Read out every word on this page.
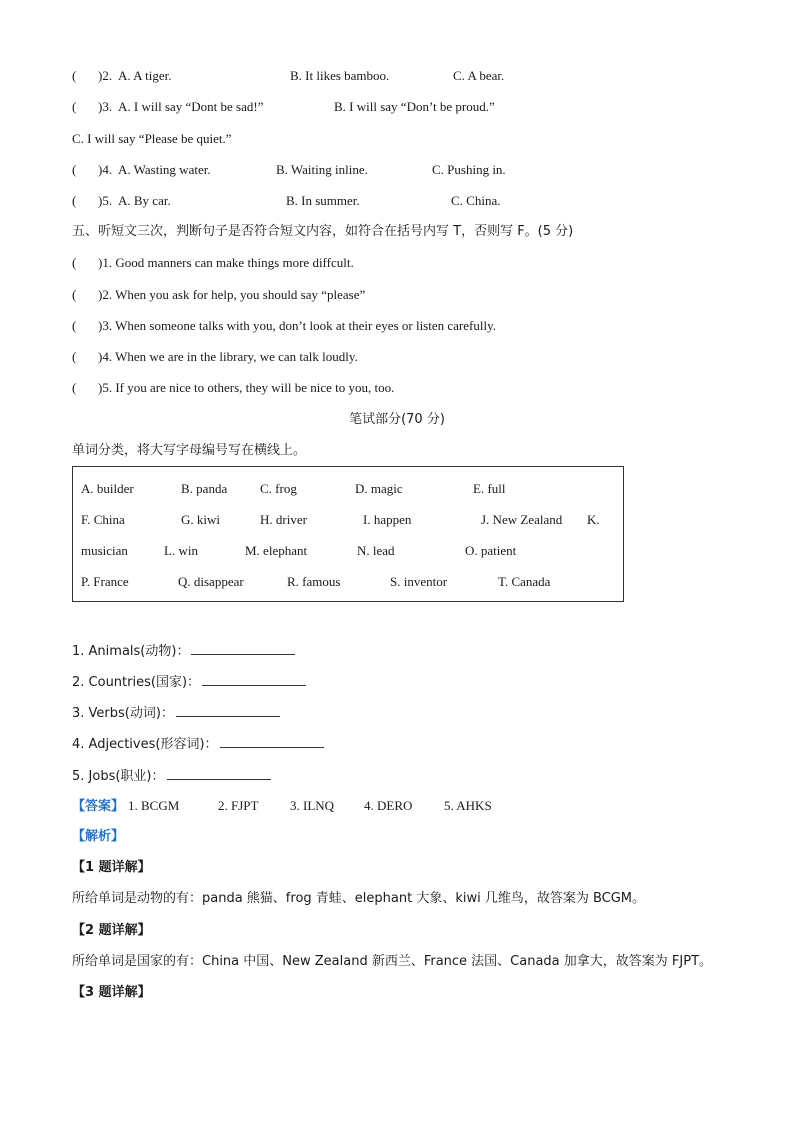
( )2. A. A tiger.	B. It likes bamboo.	C. A bear.
( )3. A. I will say “Dont be sad!”	B. I will say “Don’t be proud.”
C. I will say “Please be quiet.”
( )4. A. Wasting water.	B. Waiting inline.	C. Pushing in.
( )5. A. By car.	B. In summer.	C. China.
五、听短文三次，判断句子是否符合短文内容，如符合在括号内写 T，否则写 F。(5 分)
( )1. Good manners can make things more diffcult.
( )2. When you ask for help, you should say “please”
( )3. When someone talks with you, don’t look at their eyes or listen carefully.
( )4. When we are in the library, we can talk loudly.
( )5. If you are nice to others, they will be nice to you, too.
笔试部分(70 分)
单词分类，将大写字母编号写在横线上。
A. builder	B. panda	C. frog	D. magic	E. full
F. China	G. kiwi	H. driver	I. happen	J. New Zealand K.
musician	L. win	M. elephant	N. lead	O. patient
P. France	Q. disappear	R. famous	S. inventor	T. Canada
1. Animals(动物)：
2. Countries(国家)：
3. Verbs(动词)：
4. Adjectives(形容词)：
5. Jobs(职业)：
【答案】 1. BCGM	2. FJPT 3. ILNQ 4. DERO 5. AHKS
【解析】
【1 题详解】
所给单词是动物的有：panda 熊猫、frog 青蛙、elephant 大象、kiwi 几维鸟，故答案为 BCGM。
【2 题详解】
所给单词是国家的有：China 中国、New Zealand 新西兰、France 法国、Canada 加拿大，故答案为 FJPT。
【3 题详解】
